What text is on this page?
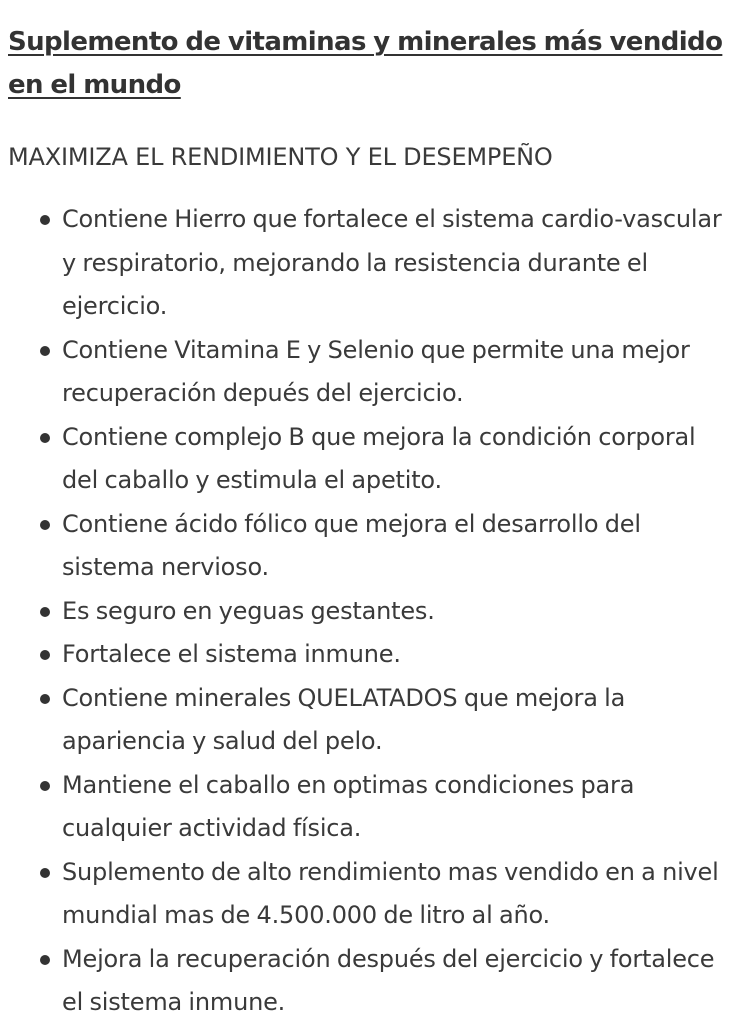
Suplemento de vitaminas y minerales más vendido en el mundo

MAXIMIZA EL RENDIMIENTO Y EL DESEMPEÑO

Contiene Hierro que fortalece el sistema cardio-vascular y respiratorio, mejorando la resistencia durante el ejercicio.
Contiene Vitamina E y Selenio que permite una mejor recuperación depués del ejercicio.
Contiene complejo B que mejora la condición corporal del caballo y estimula el apetito.
Contiene ácido fólico que mejora el desarrollo del sistema nervioso.
Es seguro en yeguas gestantes.
Fortalece el sistema inmune.
Contiene minerales QUELATADOS que mejora la apariencia y salud del pelo.
Mantiene el caballo en optimas condiciones para cualquier actividad física.
Suplemento de alto rendimiento mas vendido en a nivel mundial mas de 4.500.000 de litro al año.
Mejora la recuperación después del ejercicio y fortalece el sistema inmune.
